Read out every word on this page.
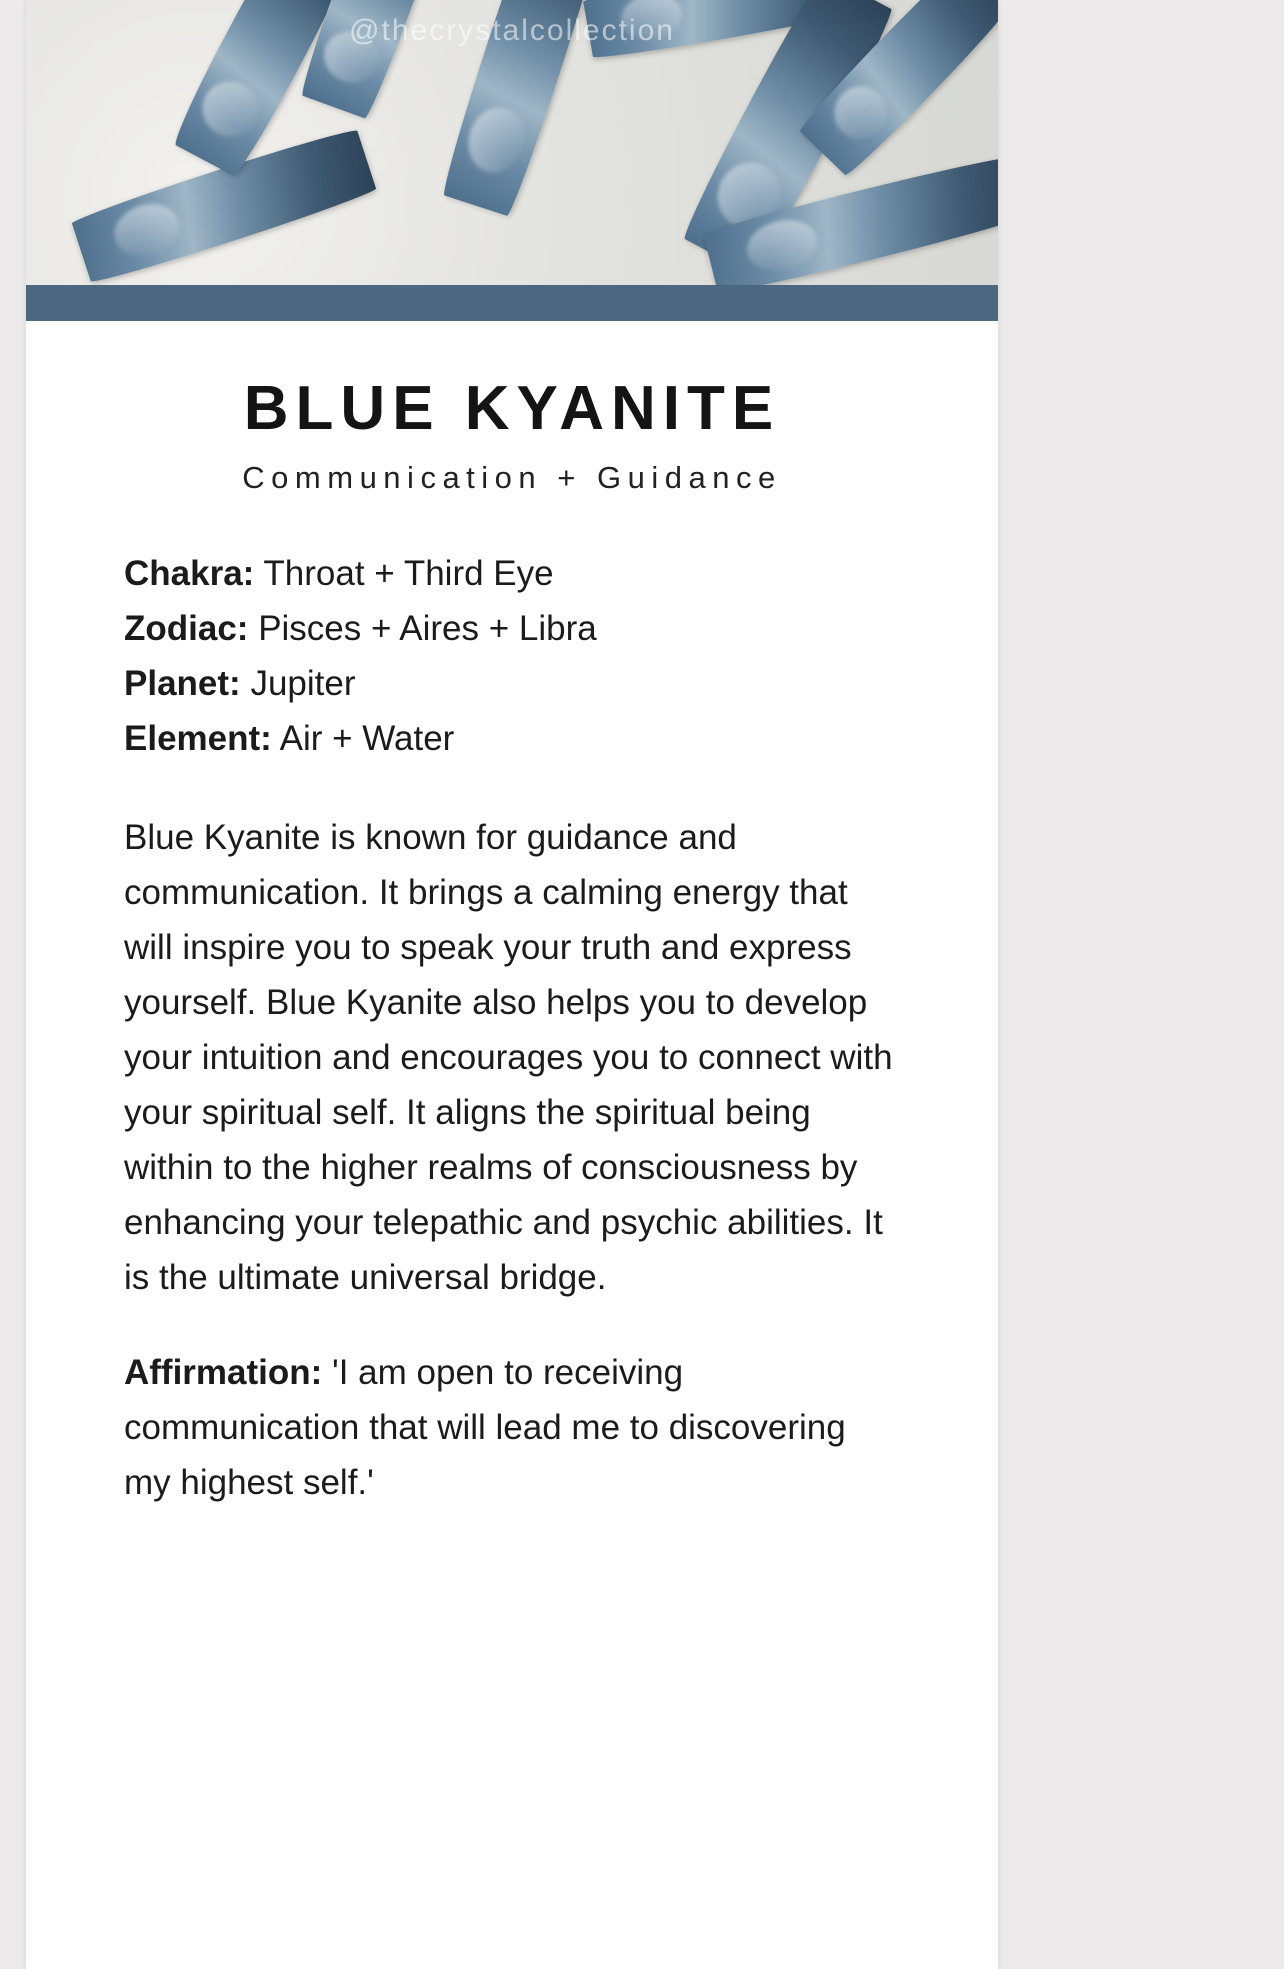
@thecrystalcollection
BLUE KYANITE
Communication + Guidance
Chakra: Throat + Third Eye
Zodiac: Pisces + Aires + Libra
Planet: Jupiter
Element: Air + Water

Blue Kyanite is known for guidance and communication. It brings a calming energy that will inspire you to speak your truth and express yourself. Blue Kyanite also helps you to develop your intuition and encourages you to connect with your spiritual self. It aligns the spiritual being within to the higher realms of consciousness by enhancing your telepathic and psychic abilities. It is the ultimate universal bridge.

Affirmation: 'I am open to receiving communication that will lead me to discovering my highest self.'
